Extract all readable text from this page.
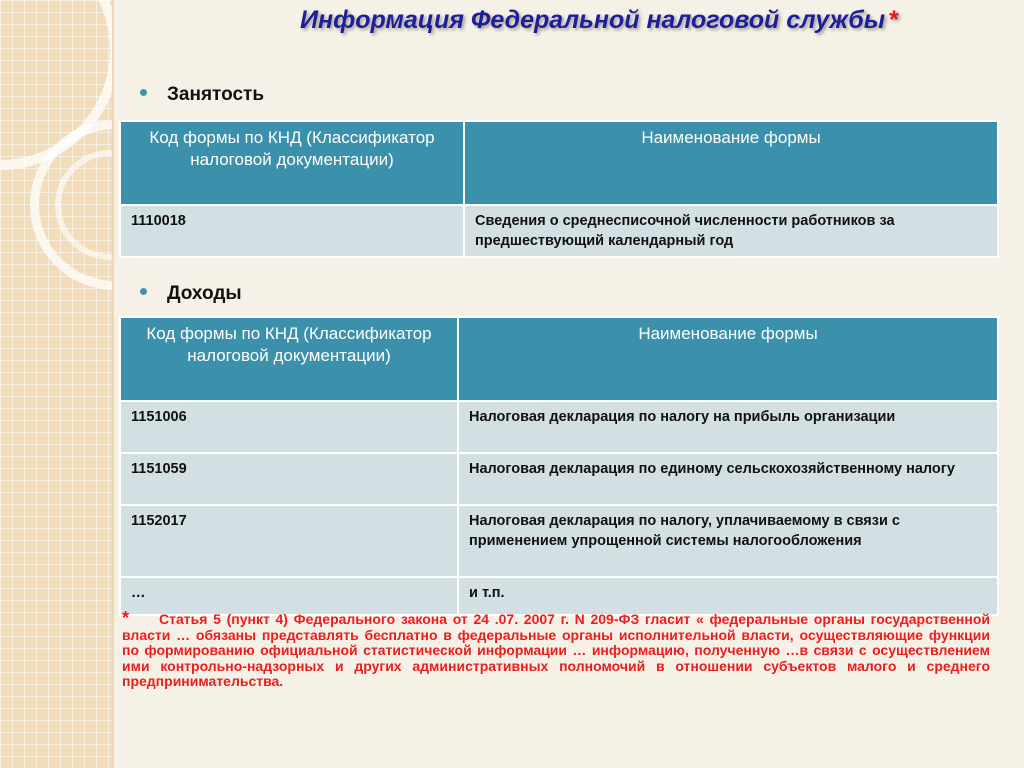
Информация Федеральной налоговой службы *
Занятость
Код формы по КНД (Классификатор налоговой документации)	Наименование формы
1110018	Сведения о среднесписочной численности работников за предшествующий календарный год
Доходы
Код формы по КНД (Классификатор налоговой документации)	Наименование формы
1151006	Налоговая декларация по налогу на прибыль организации
1151059	Налоговая декларация по единому сельскохозяйственному налогу
1152017	Налоговая декларация по налогу, уплачиваемому в связи с применением упрощенной системы налогообложения
…	и т.п.
* Статья 5 (пункт 4) Федерального закона от 24 .07. 2007 г. N 209-ФЗ гласит « федеральные органы государственной власти … обязаны представлять бесплатно в федеральные органы исполнительной власти, осуществляющие функции по формированию официальной статистической информации … информацию, полученную …в связи с осуществлением ими контрольно-надзорных и других административных полномочий в отношении субъектов малого и среднего предпринимательства.
